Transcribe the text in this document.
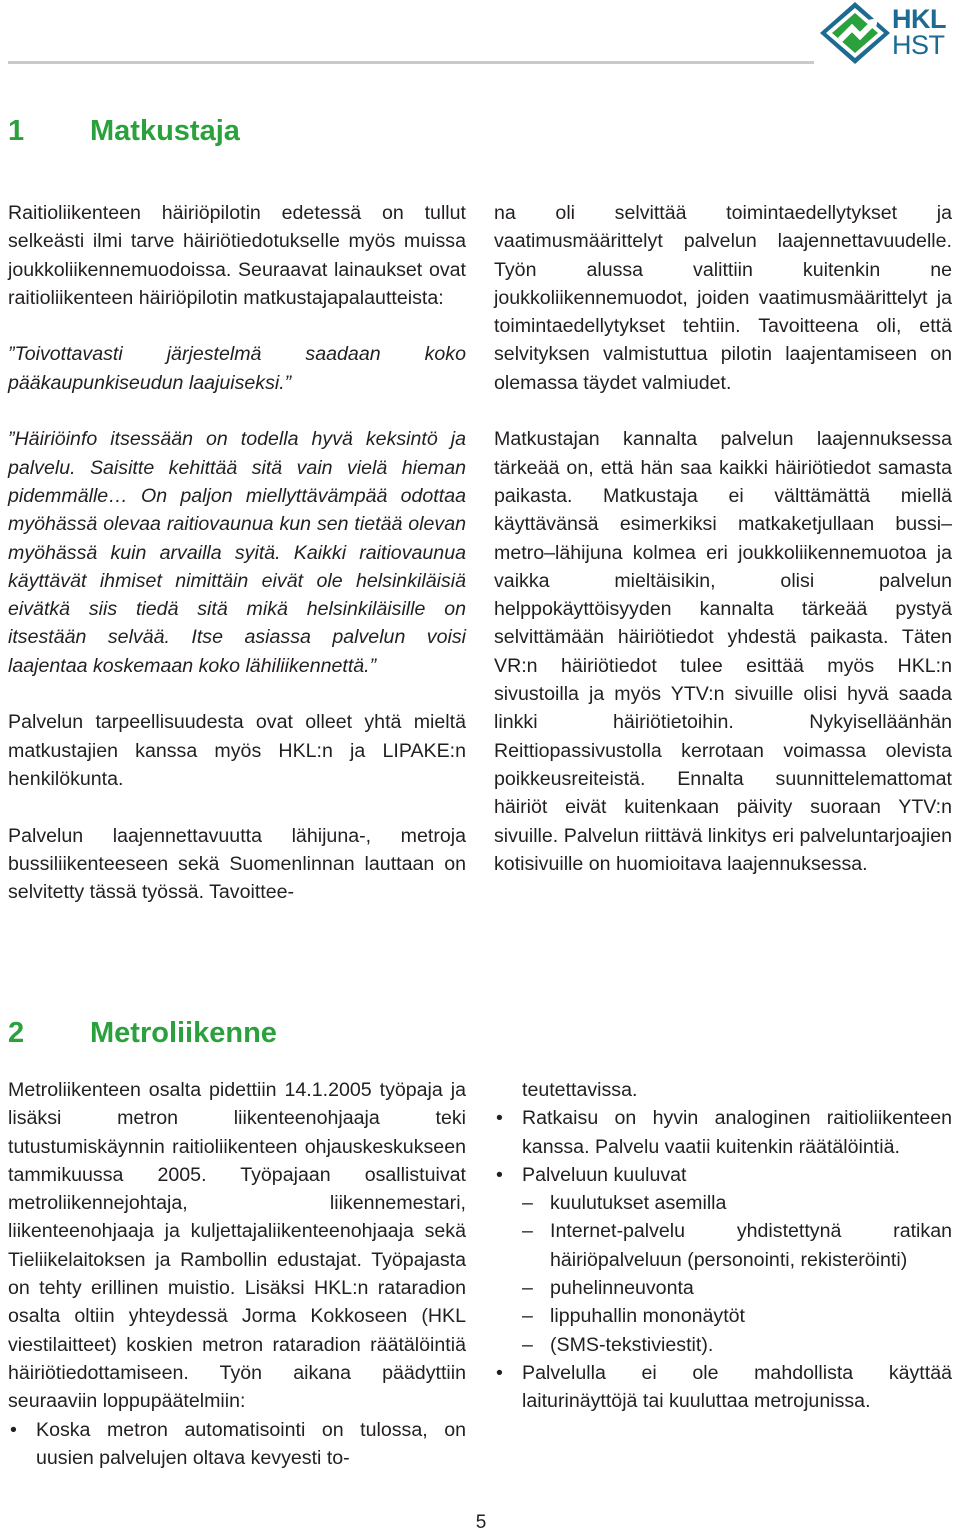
HKL
HST
1 Matkustaja

Raitioliikenteen häiriöpilotin edetessä on tullut selkeästi ilmi tarve häiriötiedotukselle myös muissa joukkoliikennemuodoissa. Seuraavat lainaukset ovat raitioliikenteen häiriöpilotin matkustajapalautteista:

”Toivottavasti järjestelmä saadaan koko pääkaupunkiseudun laajuiseksi.”

”Häiriöinfo itsessään on todella hyvä keksintö ja palvelu. Saisitte kehittää sitä vain vielä hieman pidemmälle… On paljon miellyttävämpää odottaa myöhässä olevaa raitiovaunua kun sen tietää olevan myöhässä kuin arvailla syitä. Kaikki raitiovaunua käyttävät ihmiset nimittäin eivät ole helsinkiläisiä eivätkä siis tiedä sitä mikä helsinkiläisille on itsestään selvää. Itse asiassa palvelun voisi laajentaa koskemaan koko lähiliikennettä.”

Palvelun tarpeellisuudesta ovat olleet yhtä mieltä matkustajien kanssa myös HKL:n ja LIPAKE:n henkilökunta.

Palvelun laajennettavuutta lähijuna-, metroja bussiliikenteeseen sekä Suomenlinnan lauttaan on selvitetty tässä työssä. Tavoittee-

na oli selvittää toimintaedellytykset ja vaatimusmäärittelyt palvelun laajennettavuudelle. Työn alussa valittiin kuitenkin ne joukkoliikennemuodot, joiden vaatimusmäärittelyt ja toimintaedellytykset tehtiin. Tavoitteena oli, että selvityksen valmistuttua pilotin laajentamiseen on olemassa täydet valmiudet.

Matkustajan kannalta palvelun laajennuksessa tärkeää on, että hän saa kaikki häiriötiedot samasta paikasta. Matkustaja ei välttämättä miellä käyttävänsä esimerkiksi matkaketjullaan bussi–metro–lähijuna kolmea eri joukkoliikennemuotoa ja vaikka mieltäisikin, olisi palvelun helppokäyttöisyyden kannalta tärkeää pystyä selvittämään häiriötiedot yhdestä paikasta. Täten VR:n häiriötiedot tulee esittää myös HKL:n sivustoilla ja myös YTV:n sivuille olisi hyvä saada linkki häiriötietoihin. Nykyiselläänhän Reittiopassivustolla kerrotaan voimassa olevista poikkeusreiteistä. Ennalta suunnittelemattomat häiriöt eivät kuitenkaan päivity suoraan YTV:n sivuille. Palvelun riittävä linkitys eri palveluntarjoajien kotisivuille on huomioitava laajennuksessa.

2 Metroliikenne

Metroliikenteen osalta pidettiin 14.1.2005 työpaja ja lisäksi metron liikenteenohjaaja teki tutustumiskäynnin raitioliikenteen ohjauskeskukseen tammikuussa 2005. Työpajaan osallistuivat metroliikennejohtaja, liikennemestari, liikenteenohjaaja ja kuljettajaliikenteenohjaaja sekä Tieliikelaitoksen ja Rambollin edustajat. Työpajasta on tehty erillinen muistio. Lisäksi HKL:n rataradion osalta oltiin yhteydessä Jorma Kokkoseen (HKL viestilaitteet) koskien metron rataradion räätälöintiä häiriötiedottamiseen. Työn aikana päädyttiin seuraaviin loppupäätelmiin:

• Koska metron automatisointi on tulossa, on uusien palvelujen oltava kevyesti to-

teutettavissa.

• Ratkaisu on hyvin analoginen raitioliikenteen kanssa. Palvelu vaatii kuitenkin räätälöintiä.
• Palveluun kuuluvat
– kuulutukset asemilla
– Internet-palvelu yhdistettynä ratikan häiriöpalveluun (personointi, rekisteröinti)
– puhelinneuvonta
– lippuhallin mononäytöt
– (SMS-tekstiviestit).
• Palvelulla ei ole mahdollista käyttää laiturinäyttöjä tai kuuluttaa metrojunissa.
5
